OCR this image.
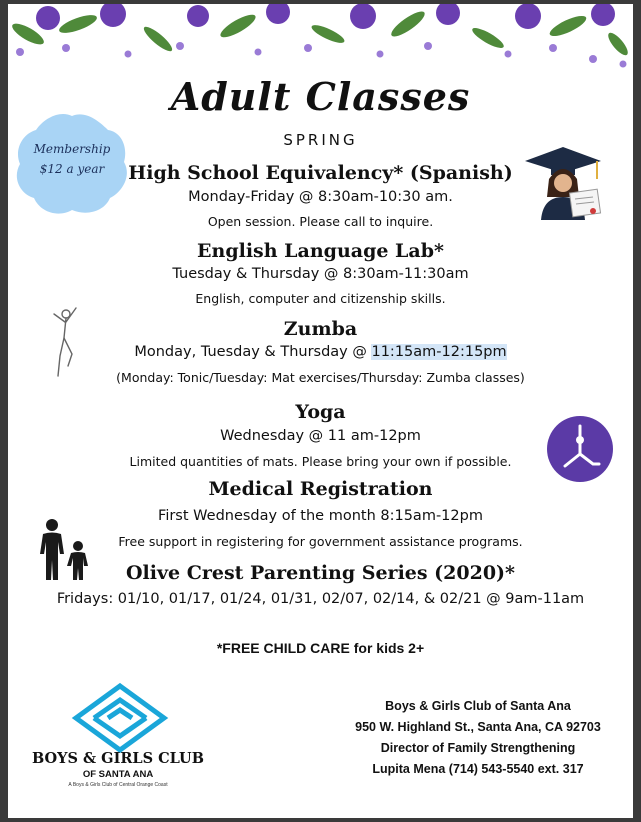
Adult Classes
SPRING
Membership
$12 a year	High School Equivalency* (Spanish)
Monday-Friday @ 8:30am-10:30 am.
Open session. Please call to inquire.
English Language Lab*
Tuesday & Thursday @ 8:30am-11:30am
English, computer and citizenship skills.
Zumba
Monday, Tuesday & Thursday @ 11:15am-12:15pm
(Monday: Tonic/Tuesday: Mat exercises/Thursday: Zumba classes)
Yoga
Wednesday @ 11 am-12pm
Limited quantities of mats. Please bring your own if possible.
Medical Registration
First Wednesday of the month 8:15am-12pm
Free support in registering for government assistance programs.
Olive Crest Parenting Series (2020)*
Fridays: 01/10, 01/17, 01/24, 01/31, 02/07, 02/14, & 02/21 @ 9am-11am
*FREE CHILD CARE for kids 2+
BOYS & GIRLS CLUB
OF SANTA ANA
A Boys & Girls Club of Central Orange Coast
Boys & Girls Club of Santa Ana
950 W. Highland St., Santa Ana, CA 92703
Director of Family Strengthening
Lupita Mena (714) 543-5540 ext. 317
